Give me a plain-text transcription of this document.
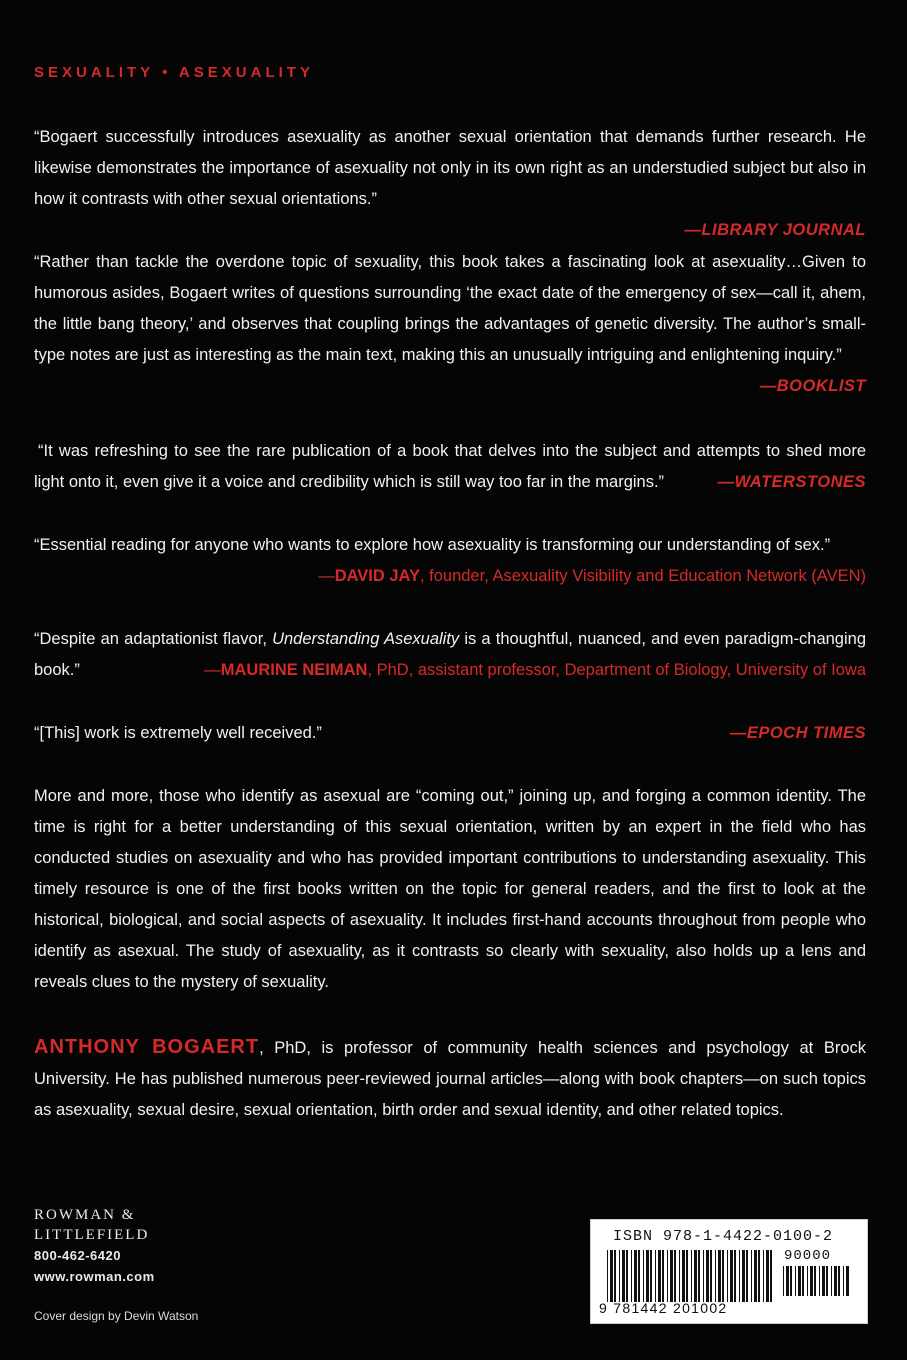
SEXUALITY • ASEXUALITY
“Bogaert successfully introduces asexuality as another sexual orientation that demands further research. He likewise demonstrates the importance of asexuality not only in its own right as an understudied subject but also in how it contrasts with other sexual orientations.”
—LIBRARY JOURNAL
“Rather than tackle the overdone topic of sexuality, this book takes a fascinating look at asexuality…Given to humorous asides, Bogaert writes of questions surrounding ‘the exact date of the emergency of sex—call it, ahem, the little bang theory,’ and observes that coupling brings the advantages of genetic diversity. The author’s small-type notes are just as interesting as the main text, making this an unusually intriguing and enlightening inquiry.”
—BOOKLIST
“It was refreshing to see the rare publication of a book that delves into the subject and attempts to shed more light onto it, even give it a voice and credibility which is still way too far in the margins.”	—WATERSTONES
“Essential reading for anyone who wants to explore how asexuality is transforming our understanding of sex.”
—DAVID JAY, founder, Asexuality Visibility and Education Network (AVEN)
“Despite an adaptationist flavor, Understanding Asexuality is a thoughtful, nuanced, and even paradigm-changing book.”	—MAURINE NEIMAN, PhD, assistant professor, Department of Biology, University of Iowa
“[This] work is extremely well received.”	—EPOCH TIMES
More and more, those who identify as asexual are “coming out,” joining up, and forging a common identity. The time is right for a better understanding of this sexual orientation, written by an expert in the field who has conducted studies on asexuality and who has provided important contributions to understanding asexuality. This timely resource is one of the first books written on the topic for general readers, and the first to look at the historical, biological, and social aspects of asexuality. It includes first-hand accounts throughout from people who identify as asexual. The study of asexuality, as it contrasts so clearly with sexuality, also holds up a lens and reveals clues to the mystery of sexuality.
ANTHONY BOGAERT, PhD, is professor of community health sciences and psychology at Brock University. He has published numerous peer-reviewed journal articles—along with book chapters—on such topics as asexuality, sexual desire, sexual orientation, birth order and sexual identity, and other related topics.
ROWMAN &
LITTLEFIELD
800-462-6420
www.rowman.com
Cover design by Devin Watson
ISBN 978-1-4422-0100-2
90000
9 781442 201002
